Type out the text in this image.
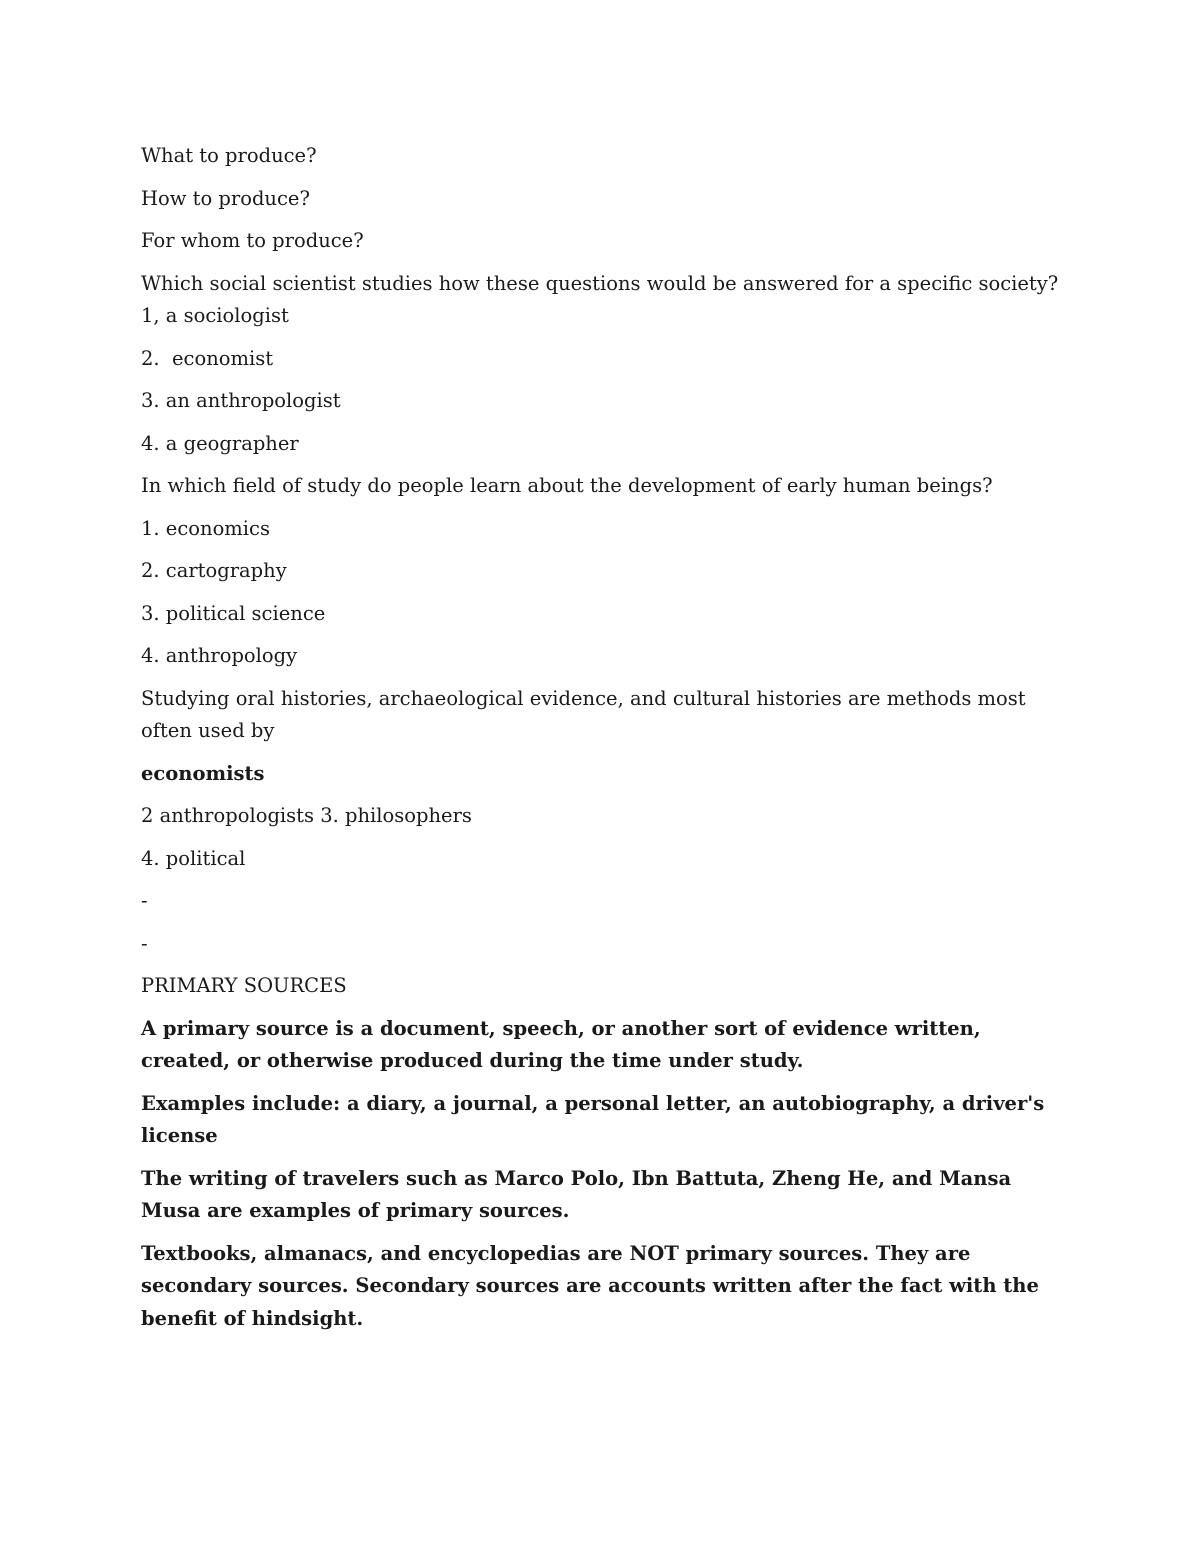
What to produce?

How to produce?

For whom to produce?

Which social scientist studies how these questions would be answered for a specific society? 1, a sociologist

2.  economist

3. an anthropologist

4. a geographer

In which field of study do people learn about the development of early human beings?

1. economics

2. cartography

3. political science

4. anthropology

Studying oral histories, archaeological evidence, and cultural histories are methods most often used by

economists

2 anthropologists 3. philosophers

4. political

-

-

PRIMARY SOURCES

A primary source is a document, speech, or another sort of evidence written, created, or otherwise produced during the time under study.

Examples include: a diary, a journal, a personal letter, an autobiography, a driver's license

The writing of travelers such as Marco Polo, Ibn Battuta, Zheng He, and Mansa Musa are examples of primary sources.

Textbooks, almanacs, and encyclopedias are NOT primary sources. They are secondary sources. Secondary sources are accounts written after the fact with the benefit of hindsight.
